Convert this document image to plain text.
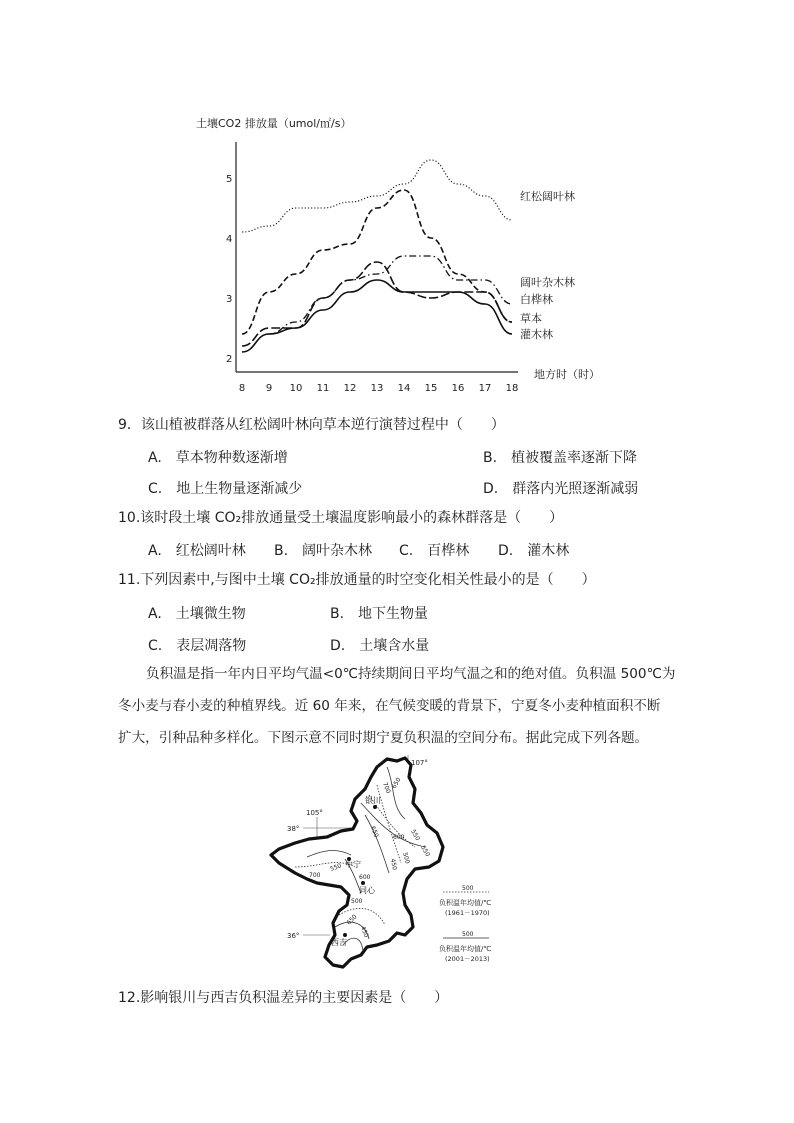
土壤CO2 排放量（umol/㎡/s）
2
3
4
5
8 9 10 11 12 13 14 15 16 17 18
地方时（时）
红松阔叶林
阔叶杂木林
白桦林
草本
灌木林
9．该山植被群落从红松阔叶林向草本逆行演替过程中（　　）
A.　草本物种数逐渐增	B.　植被覆盖率逐渐下降
C.　地上生物量逐渐减少	D.　群落内光照逐渐减弱
10.该时段土壤 CO₂排放通量受土壤温度影响最小的森林群落是（　　）
A.　红松阔叶林 B.　阔叶杂木林 C.　百桦林 D.　灌木林
11.下列因素中,与图中土壤 CO₂排放通量的时空变化相关性最小的是（　　）
A.　土壤微生物	B.　地下生物量
C.　表层凋落物	D.　土壤含水量
负积温是指一年内日平均气温<0℃持续期间日平均气温之和的绝对值。负积温 500℃为
冬小麦与春小麦的种植界线。近 60 年来，在气候变暖的背景下，宁夏冬小麦种植面积不断
扩大，引种品种多样化。下图示意不同时期宁夏负积温的空间分布。据此完成下列各题。
107°
105°
38°
36°
700 650
600 550
500
450
650
600
550
500
700
550
650
450
银川
中宁
同心
西吉
500
负积温年均值/℃
(1961－1970)
500
负积温年均值/℃
(2001－2013)
12.影响银川与西吉负积温差异的主要因素是（　　）
